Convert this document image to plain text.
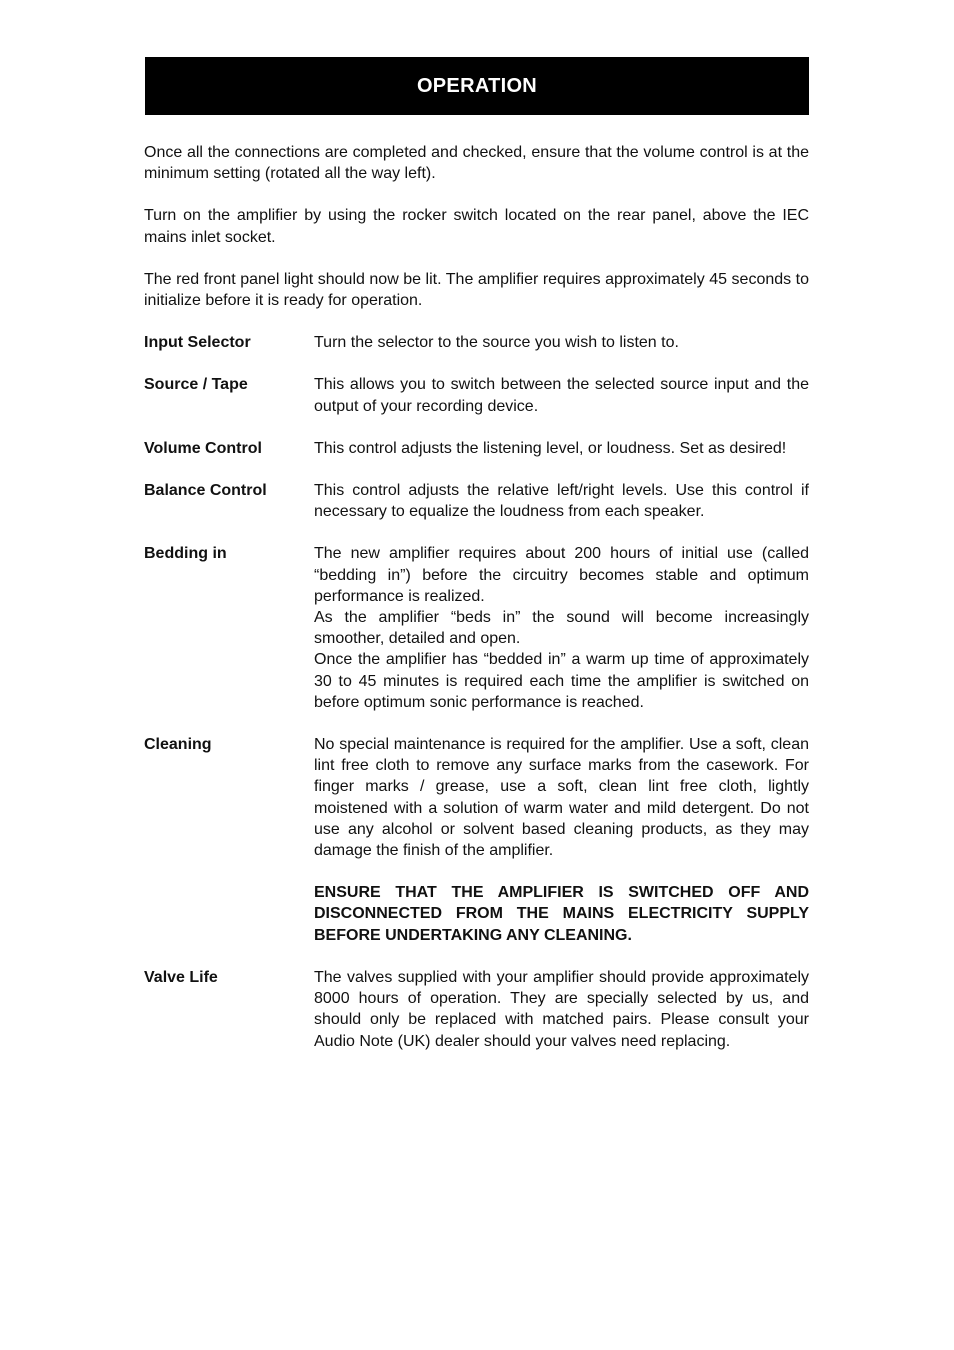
OPERATION

Once all the connections are completed and checked, ensure that the volume control is at the minimum setting (rotated all the way left).

Turn on the amplifier by using the rocker switch located on the rear panel, above the IEC mains inlet socket.

The red front panel light should now be lit. The amplifier requires approximately 45 seconds to initialize before it is ready for operation.

Input Selector	Turn the selector to the source you wish to listen to.

Source / Tape	This allows you to switch between the selected source input and the output of your recording device.

Volume Control	This control adjusts the listening level, or loudness. Set as desired!

Balance Control	This control adjusts the relative left/right levels. Use this control if necessary to equalize the loudness from each speaker.

Bedding in	The new amplifier requires about 200 hours of initial use (called “bedding in”) before the circuitry becomes stable and optimum performance is realized.

As the amplifier “beds in” the sound will become increasingly smoother, detailed and open.

Once the amplifier has “bedded in” a warm up time of approximately 30 to 45 minutes is required each time the amplifier is switched on before optimum sonic performance is reached.

Cleaning	No special maintenance is required for the amplifier. Use a soft, clean lint free cloth to remove any surface marks from the casework. For finger marks / grease, use a soft, clean lint free cloth, lightly moistened with a solution of warm water and mild detergent. Do not use any alcohol or solvent based cleaning products, as they may damage the finish of the amplifier.

ENSURE THAT THE AMPLIFIER IS SWITCHED OFF AND DISCONNECTED FROM THE MAINS ELECTRICITY SUPPLY BEFORE UNDERTAKING ANY CLEANING.

Valve Life	The valves supplied with your amplifier should provide approximately 8000 hours of operation. They are specially selected by us, and should only be replaced with matched pairs. Please consult your Audio Note (UK) dealer should your valves need replacing.
